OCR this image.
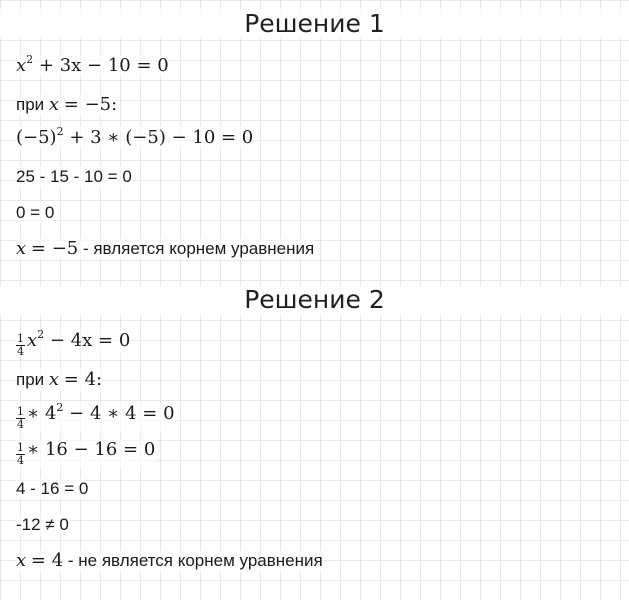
Решение 1
$x^2 + 3x - 10 = 0$
при x = −5:
$(-5)^2 + 3$ ∗ (−5) − 10 = 0
25 - 15 - 10 = 0
0 = 0
x = −5 - является корнем уравнения
Решение 2
$\frac{1}{4} x^2 - 4x = 0$
при x = 4:
$\frac{1}{4}$ ∗ $4^2 - 4$ ∗ 4 = 0
$\frac{1}{4}$ ∗ 16 − 16 = 0
4 - 16 = 0
-12 ≠ 0
x = 4 - не является корнем уравнения
